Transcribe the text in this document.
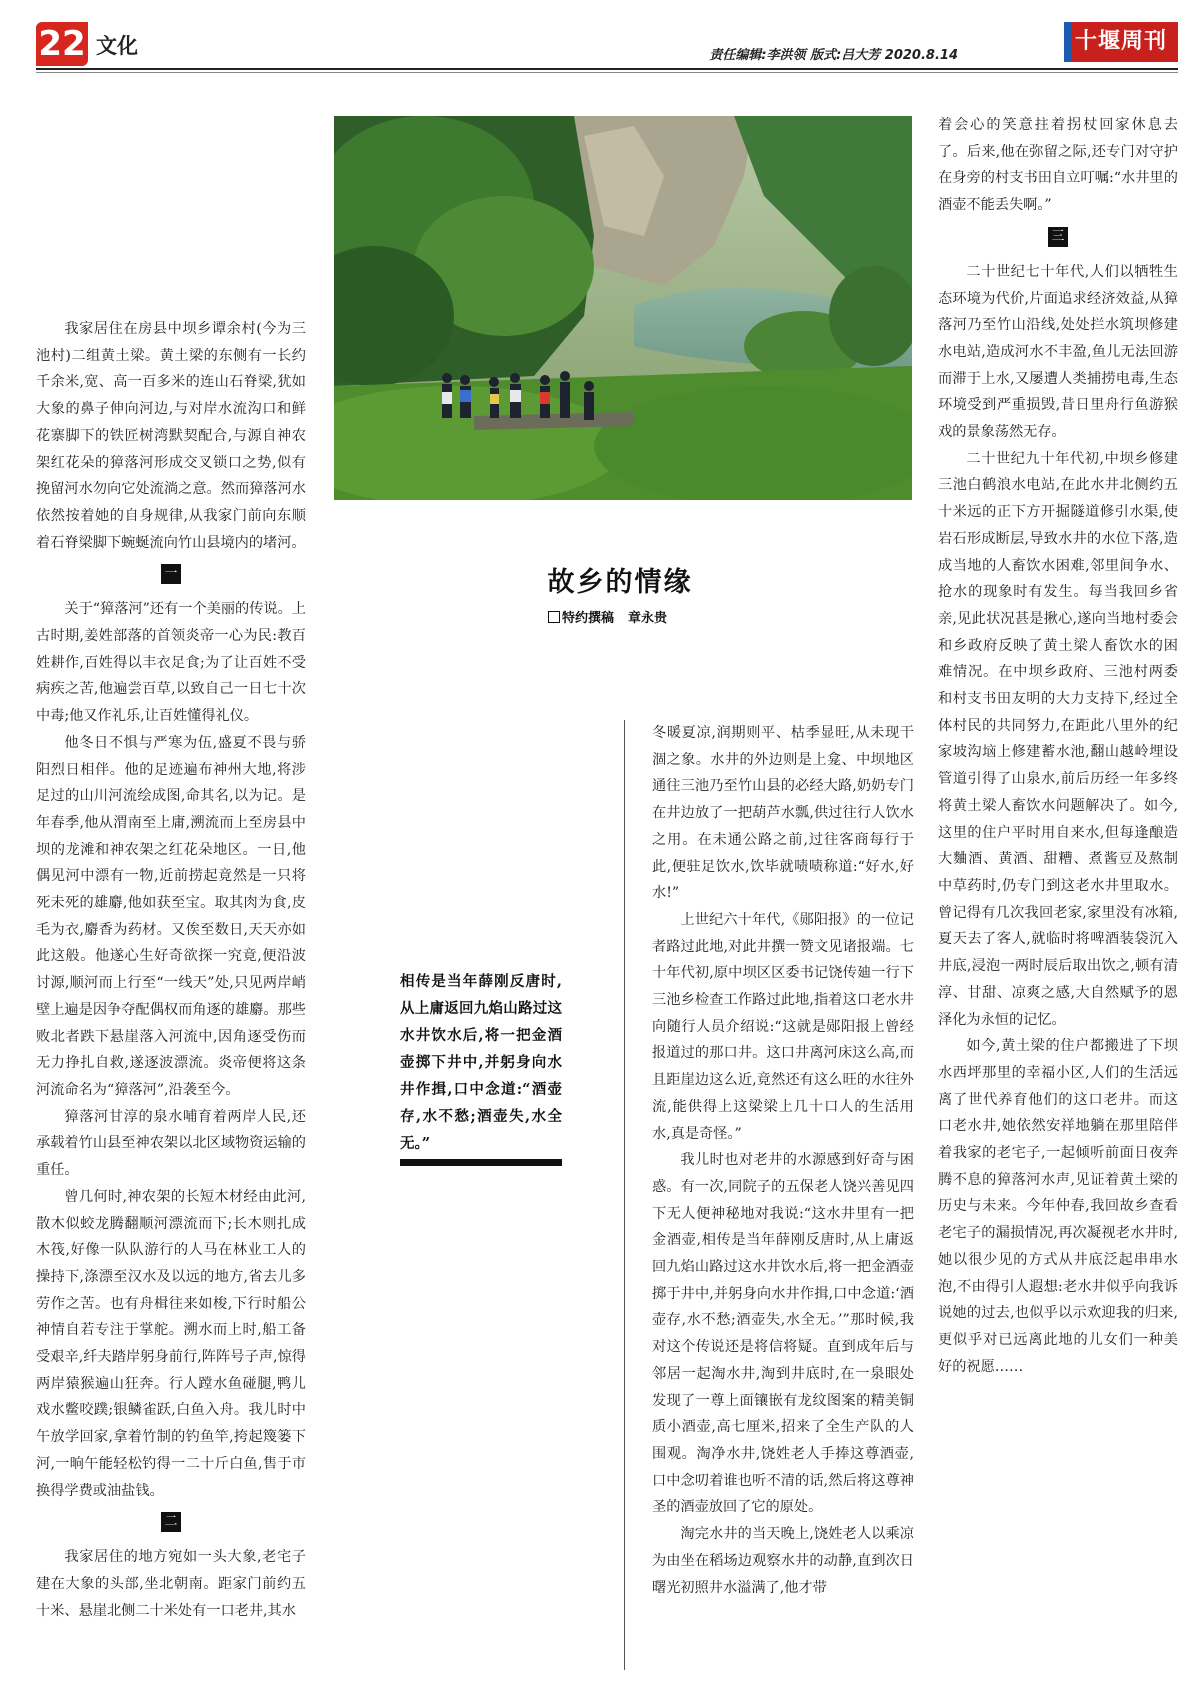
22 文化	责任编辑:李洪领 版式:吕大芳 2020.8.14
十堰周刊

我家居住在房县中坝乡谭余村(今为三池村)二组黄土梁。黄土梁的东侧有一长约千余米,宽、高一百多米的连山石脊梁,犹如大象的鼻子伸向河边,与对岸水流沟口和鲜花寨脚下的铁匠树湾默契配合,与源自神农架红花朵的獐落河形成交叉锁口之势,似有挽留河水勿向它处流淌之意。然而獐落河水依然按着她的自身规律,从我家门前向东顺着石脊梁脚下蜿蜒流向竹山县境内的堵河。

一

关于“獐落河”还有一个美丽的传说。上古时期,姜姓部落的首领炎帝一心为民:教百姓耕作,百姓得以丰衣足食;为了让百姓不受病疾之苦,他遍尝百草,以致自己一日七十次中毒;他又作礼乐,让百姓懂得礼仪。

他冬日不惧与严寒为伍,盛夏不畏与骄阳烈日相伴。他的足迹遍布神州大地,将涉足过的山川河流绘成图,命其名,以为记。是年春季,他从渭南至上庸,溯流而上至房县中坝的龙滩和神农架之红花朵地区。一日,他偶见河中漂有一物,近前捞起竟然是一只将死未死的雄麝,他如获至宝。取其肉为食,皮毛为衣,麝香为药材。又俟至数日,天天亦如此这般。他遂心生好奇欲探一究竟,便沿波讨源,顺河而上行至“一线天”处,只见两岸峭壁上遍是因争夺配偶权而角逐的雄麝。那些败北者跌下悬崖落入河流中,因角逐受伤而无力挣扎自救,遂逐波漂流。炎帝便将这条河流命名为“獐落河”,沿袭至今。

獐落河甘淳的泉水哺育着两岸人民,还承载着竹山县至神农架以北区域物资运输的重任。

曾几何时,神农架的长短木材经由此河,散木似蛟龙腾翻顺河漂流而下;长木则扎成木筏,好像一队队游行的人马在林业工人的操持下,涤漂至汉水及以远的地方,省去儿多劳作之苦。也有舟楫往来如梭,下行时船公神情自若专注于掌舵。溯水而上时,船工备受艰辛,纤夫踏岸躬身前行,阵阵号子声,惊得两岸猿猴遍山狂奔。行人蹚水鱼碰腿,鸭儿戏水鳖咬蹼;银鳞雀跃,白鱼入舟。我儿时中午放学回家,拿着竹制的钓鱼竿,挎起篾篓下河,一晌午能轻松钓得一二十斤白鱼,售于市换得学费或油盐钱。

二

我家居住的地方宛如一头大象,老宅子建在大象的头部,坐北朝南。距家门前约五十米、悬崖北侧二十米处有一口老井,其水

故乡的情缘
特约撰稿 章永贵
相传是当年薛刚反唐时,从上庸返回九焰山路过这水井饮水后,将一把金酒壶掷下井中,并躬身向水井作揖,口中念道:“酒壶存,水不愁;酒壶失,水全无。”

冬暖夏凉,润期则平、枯季显旺,从未现干涸之象。水井的外边则是上龛、中坝地区通往三池乃至竹山县的必经大路,奶奶专门在井边放了一把葫芦水瓢,供过往行人饮水之用。在未通公路之前,过往客商每行于此,便驻足饮水,饮毕就啧啧称道:“好水,好水!”

上世纪六十年代,《郧阳报》的一位记者路过此地,对此井撰一赞文见诸报端。七十年代初,原中坝区区委书记饶传廸一行下三池乡检查工作路过此地,指着这口老水井向随行人员介绍说:“这就是郧阳报上曾经报道过的那口井。这口井离河床这么高,而且距崖边这么近,竟然还有这么旺的水往外流,能供得上这梁梁上几十口人的生活用水,真是奇怪。”

我儿时也对老井的水源感到好奇与困惑。有一次,同院子的五保老人饶兴善见四下无人便神秘地对我说:“这水井里有一把金酒壶,相传是当年薛刚反唐时,从上庸返回九焰山路过这水井饮水后,将一把金酒壶掷于井中,并躬身向水井作揖,口中念道:‘酒壶存,水不愁;酒壶失,水全无。’”那时候,我对这个传说还是将信将疑。直到成年后与邻居一起淘水井,淘到井底时,在一泉眼处发现了一尊上面镶嵌有龙纹图案的精美铜质小酒壶,高七厘米,招来了全生产队的人围观。淘净水井,饶姓老人手捧这尊酒壶,口中念叨着谁也听不清的话,然后将这尊神圣的酒壶放回了它的原处。

淘完水井的当天晚上,饶姓老人以乘凉为由坐在稻场边观察水井的动静,直到次日曙光初照井水溢满了,他才带

着会心的笑意拄着拐杖回家休息去了。后来,他在弥留之际,还专门对守护在身旁的村支书田自立叮嘱:“水井里的酒壶不能丢失啊。”

三

二十世纪七十年代,人们以牺牲生态环境为代价,片面追求经济效益,从獐落河乃至竹山沿线,处处拦水筑坝修建水电站,造成河水不丰盈,鱼儿无法回游而滞于上水,又屡遭人类捕捞电毒,生态环境受到严重损毁,昔日里舟行鱼游猴戏的景象荡然无存。

二十世纪九十年代初,中坝乡修建三池白鹤浪水电站,在此水井北侧约五十米远的正下方开掘隧道修引水渠,使岩石形成断层,导致水井的水位下落,造成当地的人畜饮水困难,邻里间争水、抢水的现象时有发生。每当我回乡省亲,见此状况甚是揪心,遂向当地村委会和乡政府反映了黄土梁人畜饮水的困难情况。在中坝乡政府、三池村两委和村支书田友明的大力支持下,经过全体村民的共同努力,在距此八里外的纪家坡沟垴上修建蓄水池,翻山越岭埋设管道引得了山泉水,前后历经一年多终将黄土梁人畜饮水问题解决了。如今,这里的住户平时用自来水,但每逢酿造大麯酒、黄酒、甜糟、煮酱豆及熬制中草药时,仍专门到这老水井里取水。曾记得有几次我回老家,家里没有冰箱,夏天去了客人,就临时将啤酒装袋沉入井底,浸泡一两时辰后取出饮之,顿有清淳、甘甜、凉爽之感,大自然赋予的恩泽化为永恒的记忆。

如今,黄土梁的住户都搬进了下坝水西坪那里的幸福小区,人们的生活远离了世代养育他们的这口老井。而这口老水井,她依然安祥地躺在那里陪伴着我家的老宅子,一起倾听前面日夜奔腾不息的獐落河水声,见证着黄土梁的历史与未来。今年仲春,我回故乡查看老宅子的漏损情况,再次凝视老水井时,她以很少见的方式从井底泛起串串水泡,不由得引人遐想:老水井似乎向我诉说她的过去,也似乎以示欢迎我的归来,更似乎对已远离此地的儿女们一种美好的祝愿……
